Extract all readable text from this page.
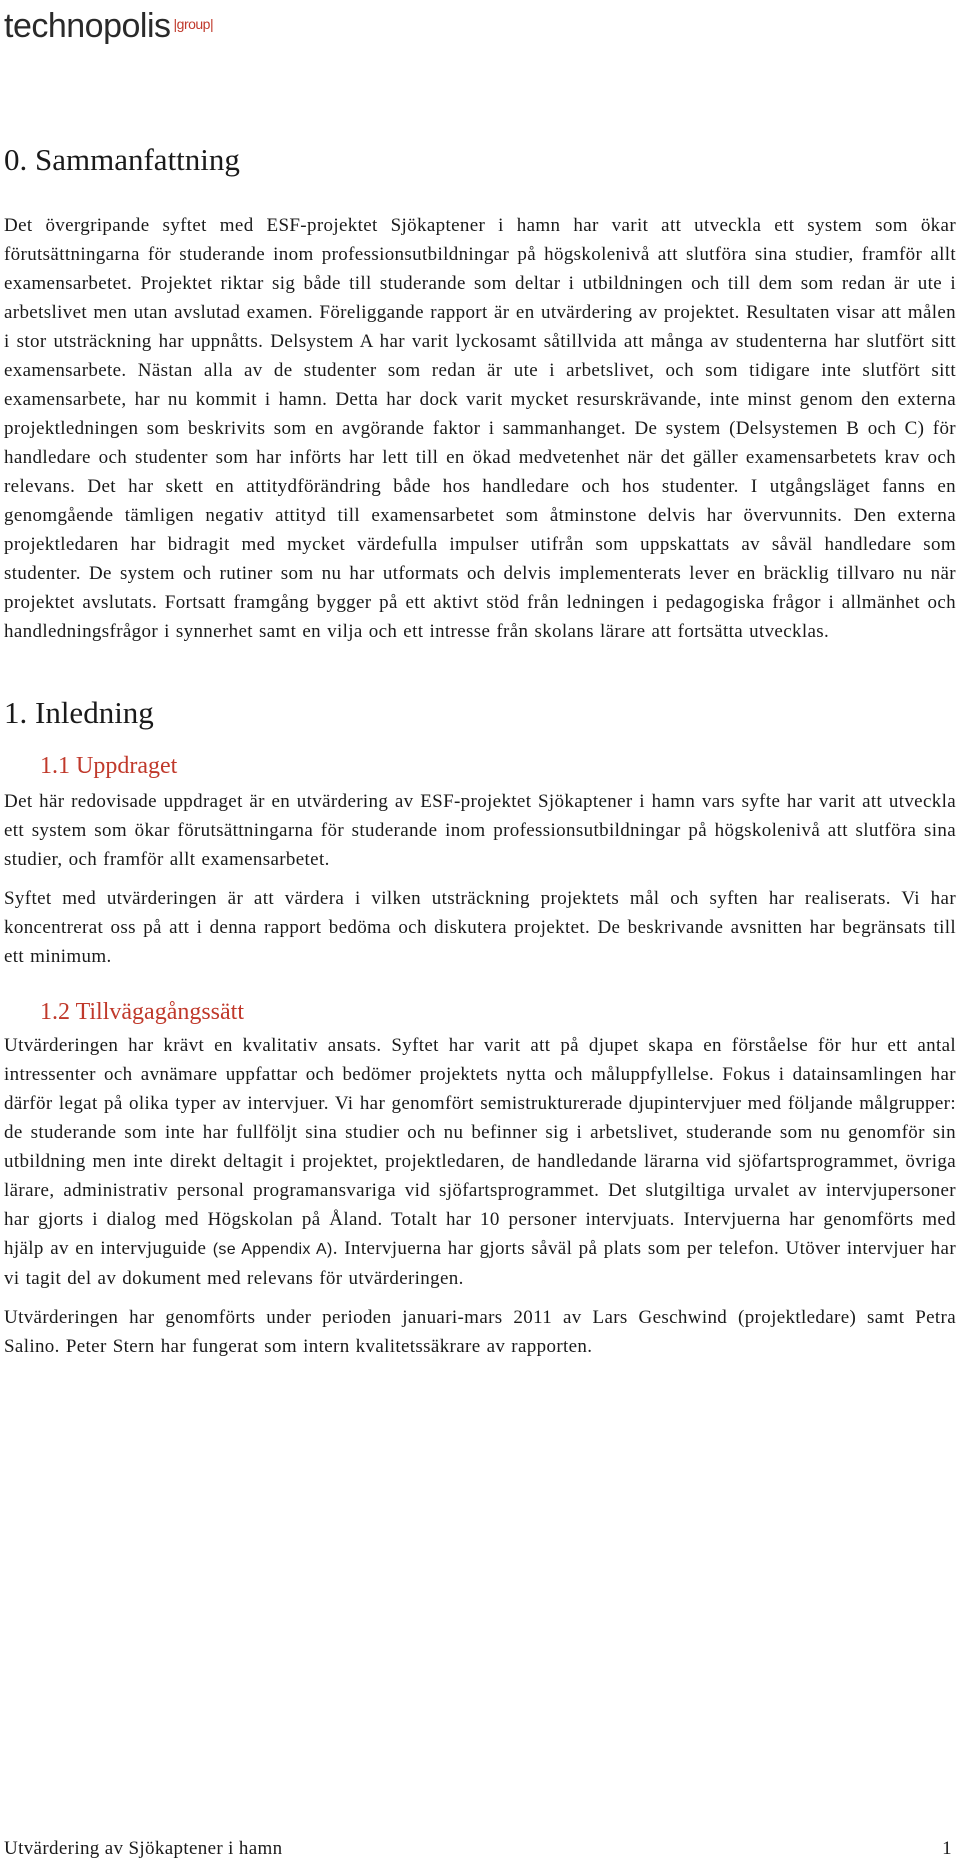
technopolis $^{|group|}$
0. Sammanfattning

Det övergripande syftet med ESF-projektet Sjökaptener i hamn har varit att utveckla ett system som ökar förutsättningarna för studerande inom professionsutbildningar på högskolenivå att slutföra sina studier, framför allt examensarbetet. Projektet riktar sig både till studerande som deltar i utbildningen och till dem som redan är ute i arbetslivet men utan avslutad examen. Föreliggande rapport är en utvärdering av projektet. Resultaten visar att målen i stor utsträckning har uppnåtts. Delsystem A har varit lyckosamt såtillvida att många av studenterna har slutfört sitt examensarbete. Nästan alla av de studenter som redan är ute i arbetslivet, och som tidigare inte slutfört sitt examensarbete, har nu kommit i hamn. Detta har dock varit mycket resurskrävande, inte minst genom den externa projektledningen som beskrivits som en avgörande faktor i sammanhanget. De system (Delsystemen B och C) för handledare och studenter som har införts har lett till en ökad medvetenhet när det gäller examensarbetets krav och relevans. Det har skett en attitydförändring både hos handledare och hos studenter. I utgångsläget fanns en genomgående tämligen negativ attityd till examensarbetet som åtminstone delvis har övervunnits. Den externa projektledaren har bidragit med mycket värdefulla impulser utifrån som uppskattats av såväl handledare som studenter. De system och rutiner som nu har utformats och delvis implementerats lever en bräcklig tillvaro nu när projektet avslutats. Fortsatt framgång bygger på ett aktivt stöd från ledningen i pedagogiska frågor i allmänhet och handledningsfrågor i synnerhet samt en vilja och ett intresse från skolans lärare att fortsätta utvecklas.

1. Inledning
1.1 Uppdraget

Det här redovisade uppdraget är en utvärdering av ESF-projektet Sjökaptener i hamn vars syfte har varit att utveckla ett system som ökar förutsättningarna för studerande inom professionsutbildningar på högskolenivå att slutföra sina studier, och framför allt examensarbetet.

Syftet med utvärderingen är att värdera i vilken utsträckning projektets mål och syften har realiserats. Vi har koncentrerat oss på att i denna rapport bedöma och diskutera projektet. De beskrivande avsnitten har begränsats till ett minimum.

1.2 Tillvägagångssätt

Utvärderingen har krävt en kvalitativ ansats. Syftet har varit att på djupet skapa en förståelse för hur ett antal intressenter och avnämare uppfattar och bedömer projektets nytta och måluppfyllelse. Fokus i datainsamlingen har därför legat på olika typer av intervjuer. Vi har genomfört semistrukturerade djupintervjuer med följande målgrupper: de studerande som inte har fullföljt sina studier och nu befinner sig i arbetslivet, studerande som nu genomför sin utbildning men inte direkt deltagit i projektet, projektledaren, de handledande lärarna vid sjöfartsprogrammet, övriga lärare, administrativ personal programansvariga vid sjöfartsprogrammet. Det slutgiltiga urvalet av intervjupersoner har gjorts i dialog med Högskolan på Åland. Totalt har 10 personer intervjuats. Intervjuerna har genomförts med hjälp av en intervjuguide (se Appendix A). Intervjuerna har gjorts såväl på plats som per telefon. Utöver intervjuer har vi tagit del av dokument med relevans för utvärderingen.

Utvärderingen har genomförts under perioden januari-mars 2011 av Lars Geschwind (projektledare) samt Petra Salino. Peter Stern har fungerat som intern kvalitetssäkrare av rapporten.

Utvärdering av Sjökaptener i hamn	1
